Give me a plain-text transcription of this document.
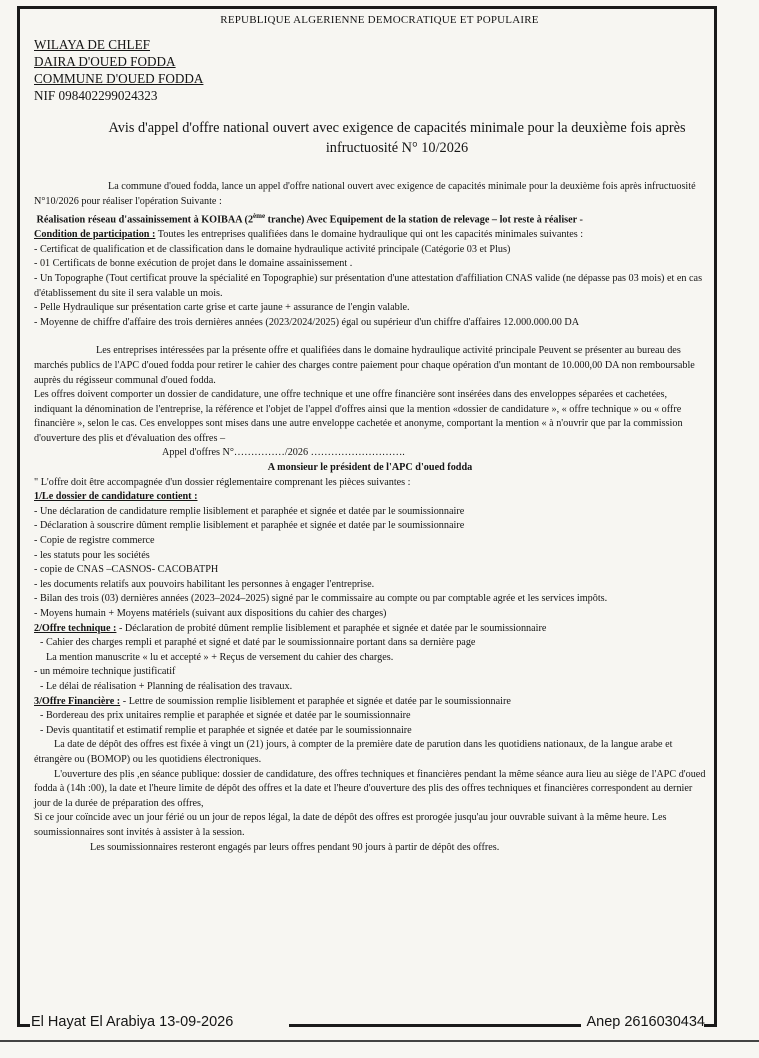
REPUBLIQUE ALGERIENNE DEMOCRATIQUE ET POPULAIRE
WILAYA DE CHLEF
DAIRA D'OUED FODDA
COMMUNE D'OUED FODDA
NIF 098402299024323
Avis d'appel d'offre national ouvert avec exigence de capacités minimale pour la deuxième fois après
infructuosité N° 10/2026

La commune d'oued fodda, lance un appel d'offre national ouvert avec exigence de capacités minimale pour la deuxième fois après infructuosité N°10/2026 pour réaliser l'opération Suivante :

Réalisation réseau d'assainissement à KOIBAA (2ème tranche) Avec Equipement de la station de relevage – lot reste à réaliser -

Condition de participation : Toutes les entreprises qualifiées dans le domaine hydraulique qui ont les capacités minimales suivantes :

- Certificat de qualification et de classification dans le domaine hydraulique activité principale (Catégorie 03 et Plus)

- 01 Certificats de bonne exécution de projet dans le domaine assainissement .

- Un Topographe (Tout certificat prouve la spécialité en Topographie) sur présentation d'une attestation d'affiliation CNAS valide (ne dépasse pas 03 mois) et en cas d'établissement du site il sera valable un mois.

- Pelle Hydraulique sur présentation carte grise et carte jaune + assurance de l'engin valable.

- Moyenne de chiffre d'affaire des trois dernières années (2023/2024/2025) égal ou supérieur d'un chiffre d'affaires 12.000.000.00 DA

Les entreprises intéressées par la présente offre et qualifiées dans le domaine hydraulique activité principale Peuvent se présenter au bureau des marchés publics de l'APC d'oued fodda pour retirer le cahier des charges contre paiement pour chaque opération d'un montant de 10.000,00 DA non remboursable auprès du régisseur communal d'oued fodda.

Les offres doivent comporter un dossier de candidature, une offre technique et une offre financière sont insérées dans des enveloppes séparées et cachetées, indiquant la dénomination de l'entreprise, la référence et l'objet de l'appel d'offres ainsi que la mention «dossier de candidature », « offre technique » ou « offre financière », selon le cas. Ces enveloppes sont mises dans une autre enveloppe cachetée et anonyme, comportant la mention « à n'ouvrir que par la commission d'ouverture des plis et d'évaluation des offres –

Appel d'offres N°……………/2026 ……………………….

A monsieur le président de l'APC d'oued fodda

" L'offre doit être accompagnée d'un dossier réglementaire comprenant les pièces suivantes :

1/Le dossier de candidature contient :

- Une déclaration de candidature remplie lisiblement et paraphée et signée et datée par le soumissionnaire

- Déclaration à souscrire dûment remplie lisiblement et paraphée et signée et datée par le soumissionnaire

- Copie de registre commerce

- les statuts pour les sociétés

- copie de CNAS –CASNOS- CACOBATPH

- les documents relatifs aux pouvoirs habilitant les personnes à engager l'entreprise.

- Bilan des trois (03) dernières années (2023–2024–2025) signé par le commissaire au compte ou par comptable agrée et les services impôts.

- Moyens humain + Moyens matériels (suivant aux dispositions du cahier des charges)

2/Offre technique : - Déclaration de probité dûment remplie lisiblement et paraphée et signée et datée par le soumissionnaire

- Cahier des charges rempli et paraphé et signé et daté par le soumissionnaire portant dans sa dernière page

La mention manuscrite « lu et accepté » + Reçus de versement du cahier des charges.

- un mémoire technique justificatif

- Le délai de réalisation + Planning de réalisation des travaux.

3/Offre Financière : - Lettre de soumission remplie lisiblement et paraphée et signée et datée par le soumissionnaire

- Bordereau des prix unitaires remplie et paraphée et signée et datée par le soumissionnaire

- Devis quantitatif et estimatif remplie et paraphée et signée et datée par le soumissionnaire

La date de dépôt des offres est fixée à vingt un (21) jours, à compter de la première date de parution dans les quotidiens nationaux, de la langue arabe et étrangère ou (BOMOP) ou les quotidiens électroniques.

L'ouverture des plis ,en séance publique: dossier de candidature, des offres techniques et financières pendant la même séance aura lieu au siège de l'APC d'oued fodda à (14h :00), la date et l'heure limite de dépôt des offres et la date et l'heure d'ouverture des plis des offres techniques et financières correspondent au dernier jour de la durée de préparation des offres,

Si ce jour coïncide avec un jour férié ou un jour de repos légal, la date de dépôt des offres est prorogée jusqu'au jour ouvrable suivant à la même heure. Les soumissionnaires sont invités à assister à la session.

Les soumissionnaires resteront engagés par leurs offres pendant 90 jours à partir de dépôt des offres.

El Hayat El Arabiya 13-09-2026	Anep 2616030434
